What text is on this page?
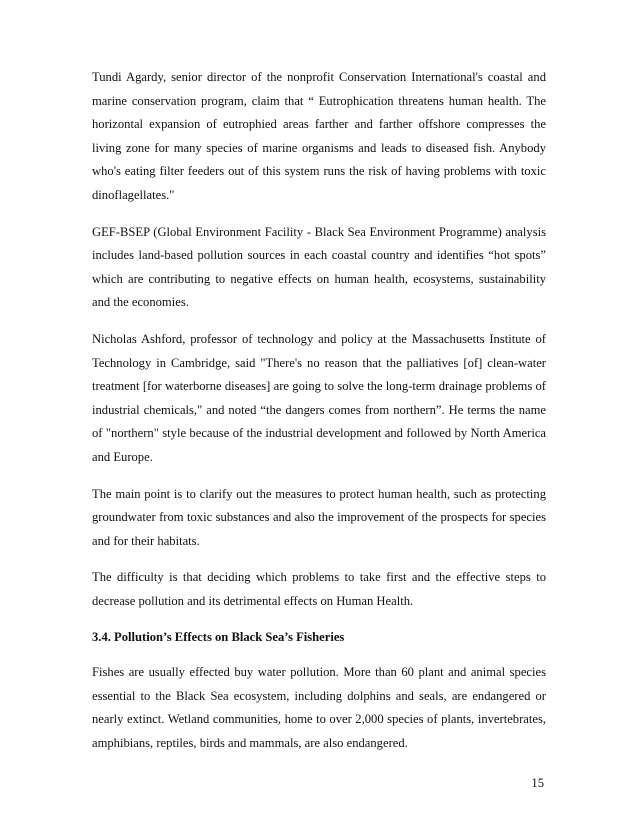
Tundi Agardy, senior director of the nonprofit Conservation International's coastal and marine conservation program, claim that “ Eutrophication threatens human health. The horizontal expansion of eutrophied areas farther and farther offshore compresses the living zone for many species of marine organisms and leads to diseased fish. Anybody who's eating filter feeders out of this system runs the risk of having problems with toxic dinoflagellates."

GEF-BSEP (Global Environment Facility - Black Sea Environment Programme) analysis includes land-based pollution sources in each coastal country and identifies “hot spots” which are contributing to negative effects on human health, ecosystems, sustainability and the economies.

Nicholas Ashford, professor of technology and policy at the Massachusetts Institute of Technology in Cambridge, said "There's no reason that the palliatives [of] clean-water treatment [for waterborne diseases] are going to solve the long-term drainage problems of industrial chemicals," and noted “the dangers comes from northern”. He terms the name of "northern" style because of the industrial development and followed by North America and Europe.

The main point is to clarify out the measures to protect human health, such as protecting groundwater from toxic substances and also the improvement of the prospects for species and for their habitats.

The difficulty is that deciding which problems to take first and the effective steps to decrease pollution and its detrimental effects on Human Health.

3.4. Pollution’s Effects on Black Sea’s Fisheries

Fishes are usually effected buy water pollution. More than 60 plant and animal species essential to the Black Sea ecosystem, including dolphins and seals, are endangered or nearly extinct. Wetland communities, home to over 2,000 species of plants, invertebrates, amphibians, reptiles, birds and mammals, are also endangered.

15
